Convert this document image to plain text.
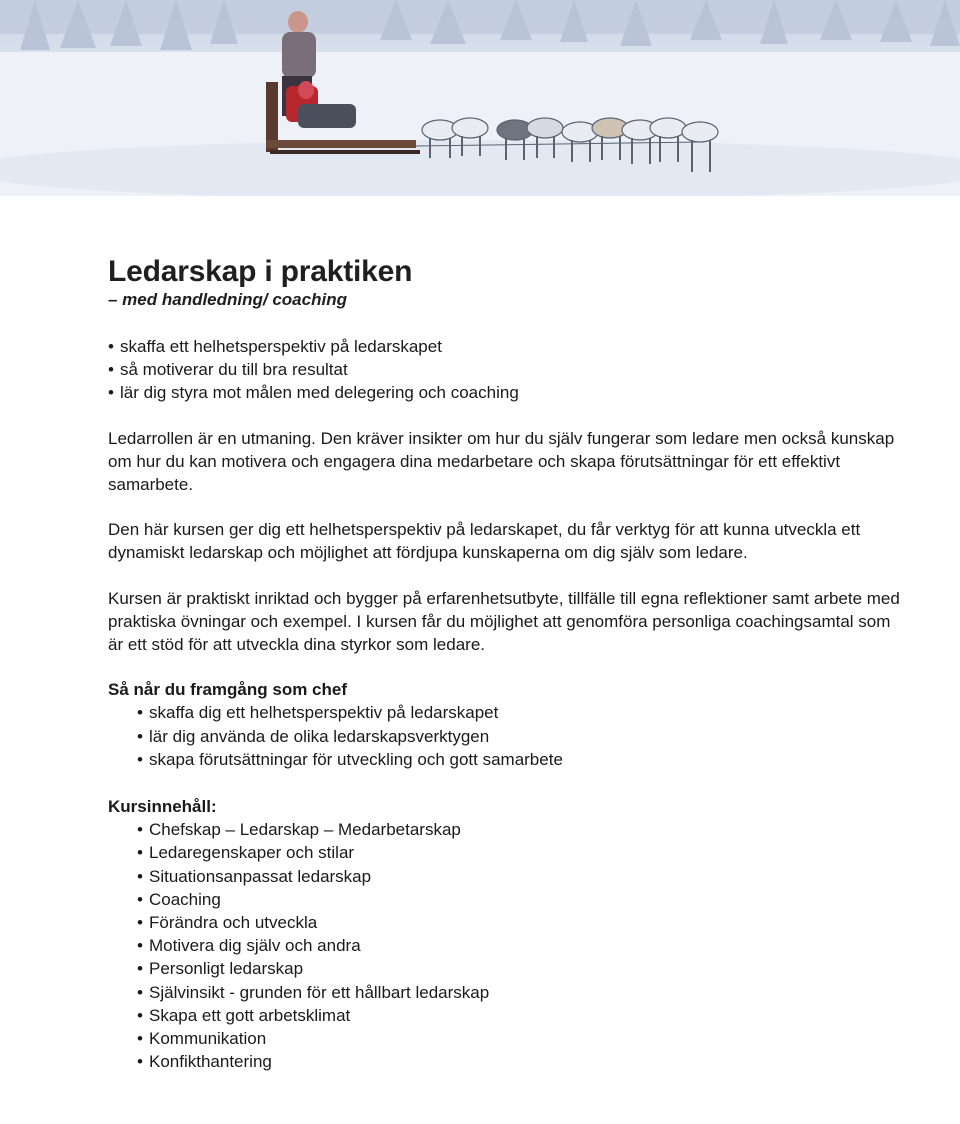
Ledarskap i praktiken
– med handledning/ coaching
• skaffa ett helhetsperspektiv på ledarskapet
• så motiverar du till bra resultat
• lär dig styra mot målen med delegering och coaching

Ledarrollen är en utmaning. Den kräver insikter om hur du själv fungerar som ledare men också kunskap om hur du kan motivera och engagera dina medarbetare och skapa förutsättningar för ett effektivt samarbete.

Den här kursen ger dig ett helhetsperspektiv på ledarskapet, du får verktyg för att kunna utveckla ett dynamiskt ledarskap och möjlighet att fördjupa kunskaperna om dig själv som ledare.

Kursen är praktiskt inriktad och bygger på erfarenhetsutbyte, tillfälle till egna reflektioner samt arbete med praktiska övningar och exempel. I kursen får du möjlighet att genomföra personliga coachingsamtal som är ett stöd för att utveckla dina styrkor som ledare.

Så når du framgång som chef
• skaffa dig ett helhetsperspektiv på ledarskapet
• lär dig använda de olika ledarskapsverktygen
• skapa förutsättningar för utveckling och gott samarbete
Kursinnehåll:
• Chefskap – Ledarskap – Medarbetarskap
• Ledaregenskaper och stilar
• Situationsanpassat ledarskap
• Coaching
• Förändra och utveckla
• Motivera dig själv och andra
• Personligt ledarskap
• Självinsikt - grunden för ett hållbart ledarskap
• Skapa ett gott arbetsklimat
• Kommunikation
• Konfikthantering
